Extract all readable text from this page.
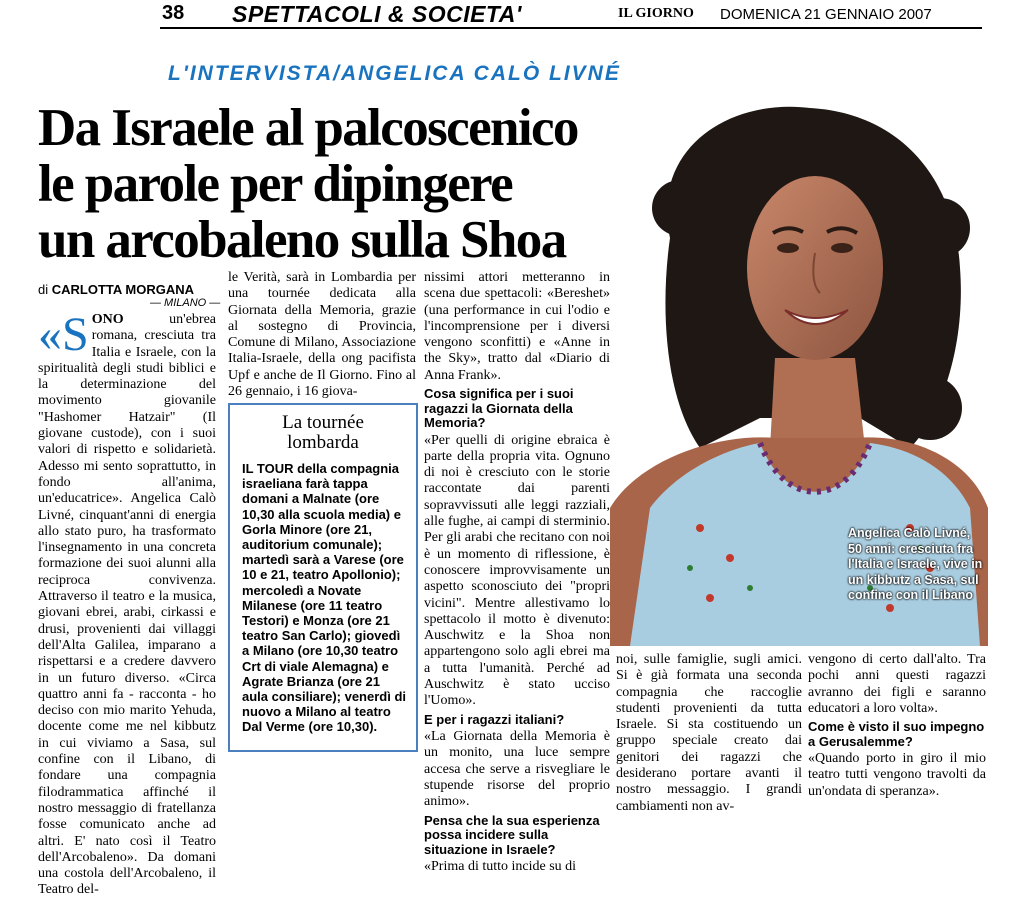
38 SPETTACOLI & SOCIETA'	IL GIORNO DOMENICA 21 GENNAIO 2007
L'INTERVISTA/ANGELICA CALÒ LIVNÉ
Da Israele al palcoscenico
le parole per dipingere
un arcobaleno sulla Shoa
di CARLOTTA MORGANA
— MILANO —

«SONO	un'ebrea romana, cresciuta tra Italia e Israele, con la spiritualità degli studi biblici e la determinazione del movimento giovanile "Hashomer Hatzair" (Il giovane custode), con i suoi valori di rispetto e solidarietà. Adesso mi sento soprattutto, in fondo all'anima, un'educatrice». Angelica Calò Livné, cinquant'anni di energia allo stato puro, ha trasformato l'insegnamento in una concreta formazione dei suoi alunni alla reciproca convivenza. Attraverso il teatro e la musica, giovani ebrei, arabi, cirkassi e drusi, provenienti dai villaggi dell'Alta Galilea, imparano a rispettarsi e a credere davvero in un futuro diverso. «Circa quattro anni fa - racconta - ho deciso con mio marito Yehuda, docente come me nel kibbutz in cui viviamo a Sasa, sul confine con il Libano, di fondare una compagnia filodrammatica affinché il nostro messaggio di fratellanza fosse comunicato anche ad altri. E' nato così il Teatro dell'Arcobaleno». Da domani una costola dell'Arcobaleno, il Teatro del-

le Verità, sarà in Lombardia per una tournée dedicata alla Giornata della Memoria, grazie al sostegno di Provincia, Comune di Milano, Associazione Italia-Israele, della ong pacifista Upf e anche de Il Giorno. Fino al 26 gennaio, i 16 giova-

La tournée
lombarda
IL TOUR della compagnia israeliana farà tappa domani a Malnate (ore 10,30 alla scuola media) e Gorla Minore (ore 21, auditorium comunale); martedì sarà a Varese (ore 10 e 21, teatro Apollonio); mercoledì a Novate Milanese (ore 11 teatro Testori) e Monza (ore 21 teatro San Carlo); giovedì a Milano (ore 10,30 teatro Crt di viale Alemagna) e Agrate Brianza (ore 21 aula consiliare); venerdì di nuovo a Milano al teatro Dal Verme (ore 10,30).

nissimi attori metteranno in scena due spettacoli: «Bereshet» (una performance in cui l'odio e l'incomprensione per i diversi vengono sconfitti) e «Anne in the Sky», tratto dal «Diario di Anna Frank».

Cosa significa per i suoi ragazzi la Giornata della Memoria?

«Per quelli di origine ebraica è parte della propria vita. Ognuno di noi è cresciuto con le storie raccontate dai parenti sopravvissuti alle leggi razziali, alle fughe, ai campi di sterminio. Per gli arabi che recitano con noi è un momento di riflessione, è conoscere improvvisamente un aspetto sconosciuto dei "propri vicini". Mentre allestivamo lo spettacolo il motto è divenuto: Auschwitz e la Shoa non appartengono solo agli ebrei ma a tutta l'umanità. Perché ad Auschwitz è stato ucciso l'Uomo».

E per i ragazzi italiani?

«La Giornata della Memoria è un monito, una luce sempre accesa che serve a risvegliare le stupende risorse del proprio animo».

Pensa che la sua esperienza possa incidere sulla situazione in Israele?

«Prima di tutto incide su di

Angelica Calò Livné, 50 anni: cresciuta fra l'Italia e Israele, vive in un kibbutz a Sasa, sul confine con il Libano

noi, sulle famiglie, sugli amici. Si è già formata una seconda compagnia che raccoglie studenti provenienti da tutta Israele. Si sta costituendo un gruppo speciale creato dai genitori dei ragazzi che desiderano portare avanti il nostro messaggio. I grandi cambiamenti non av-

vengono di certo dall'alto. Tra pochi anni questi ragazzi avranno dei figli e saranno educatori a loro volta».

Come è visto il suo impegno a Gerusalemme?

«Quando porto in giro il mio teatro tutti vengono travolti da un'ondata di speranza».
